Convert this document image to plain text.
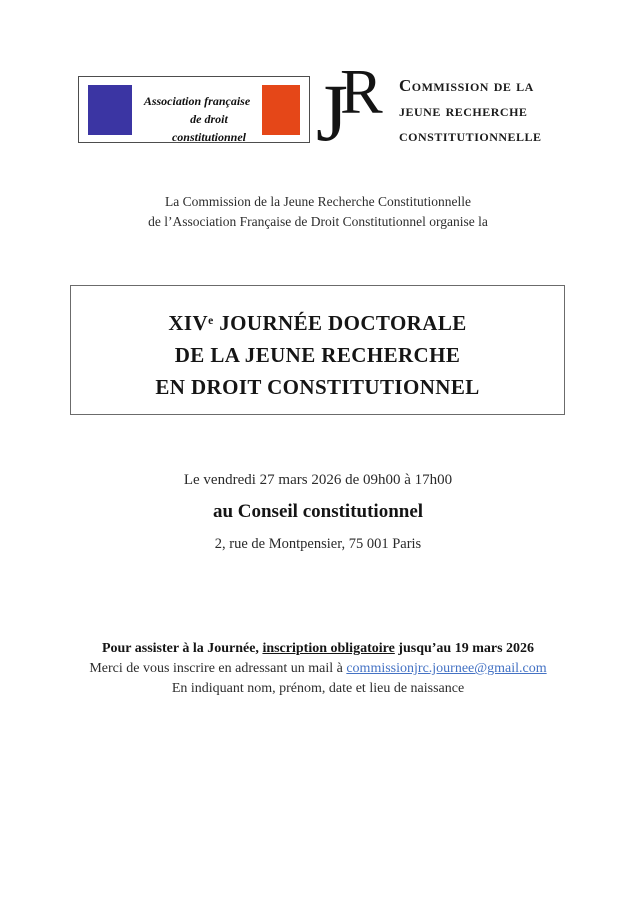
Association française
de droit constitutionnel J
R Commission de la
jeune recherche
constitutionnelle
La Commission de la Jeune Recherche Constitutionnelle
de l’Association Française de Droit Constitutionnel organise la
XIVe JOURNÉE DOCTORALE
DE LA JEUNE RECHERCHE
EN DROIT CONSTITUTIONNEL
Le vendredi 27 mars 2026 de 09h00 à 17h00
au Conseil constitutionnel
2, rue de Montpensier, 75 001 Paris
Pour assister à la Journée, inscription obligatoire jusqu’au 19 mars 2026
Merci de vous inscrire en adressant un mail à commissionjrc.journee@gmail.com
En indiquant nom, prénom, date et lieu de naissance
